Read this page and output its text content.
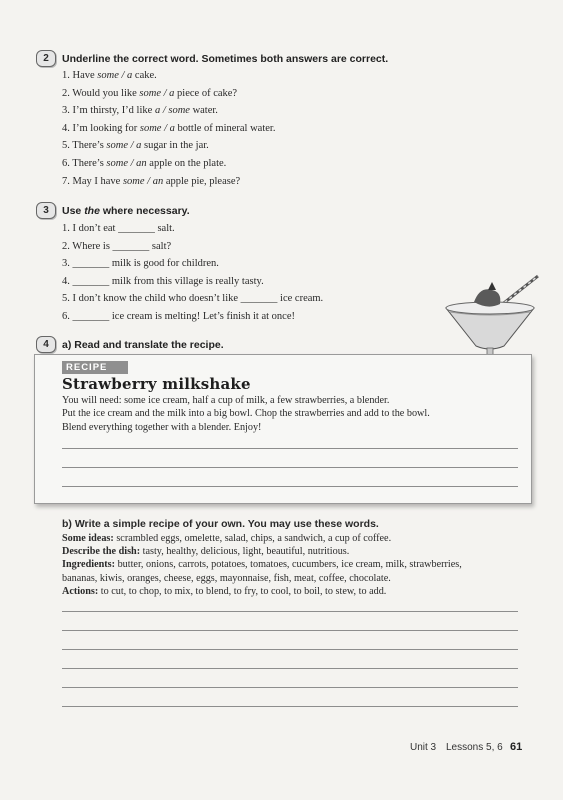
2	Underline the correct word. Sometimes both answers are correct.
1. Have some / a cake.
2. Would you like some / a piece of cake?
3. I’m thirsty, I’d like a / some water.
4. I’m looking for some / a bottle of mineral water.
5. There’s some / a sugar in the jar.
6. There’s some / an apple on the plate.
7. May I have some / an apple pie, please?
3	Use the where necessary.
1. I don’t eat _______ salt.
2. Where is _______ salt?
3. _______ milk is good for children.
4. _______ milk from this village is really tasty.
5. I don’t know the child who doesn’t like _______ ice cream.
6. _______ ice cream is melting! Let’s finish it at once!
4	a) Read and translate the recipe.
RECIPE
Strawberry milkshake
You will need: some ice cream, half a cup of milk, a few strawberries, a blender.
Put the ice cream and the milk into a big bowl. Chop the strawberries and add to the bowl.
Blend everything together with a blender. Enjoy!
b) Write a simple recipe of your own. You may use these words.
Some ideas: scrambled eggs, omelette, salad, chips, a sandwich, a cup of coffee.
Describe the dish: tasty, healthy, delicious, light, beautiful, nutritious.
Ingredients: butter, onions, carrots, potatoes, tomatoes, cucumbers, ice cream, milk, strawberries,
bananas, kiwis, oranges, cheese, eggs, mayonnaise, fish, meat, coffee, chocolate.
Actions: to cut, to chop, to mix, to blend, to fry, to cool, to boil, to stew, to add.
Unit 3 Lessons 5, 6 61
